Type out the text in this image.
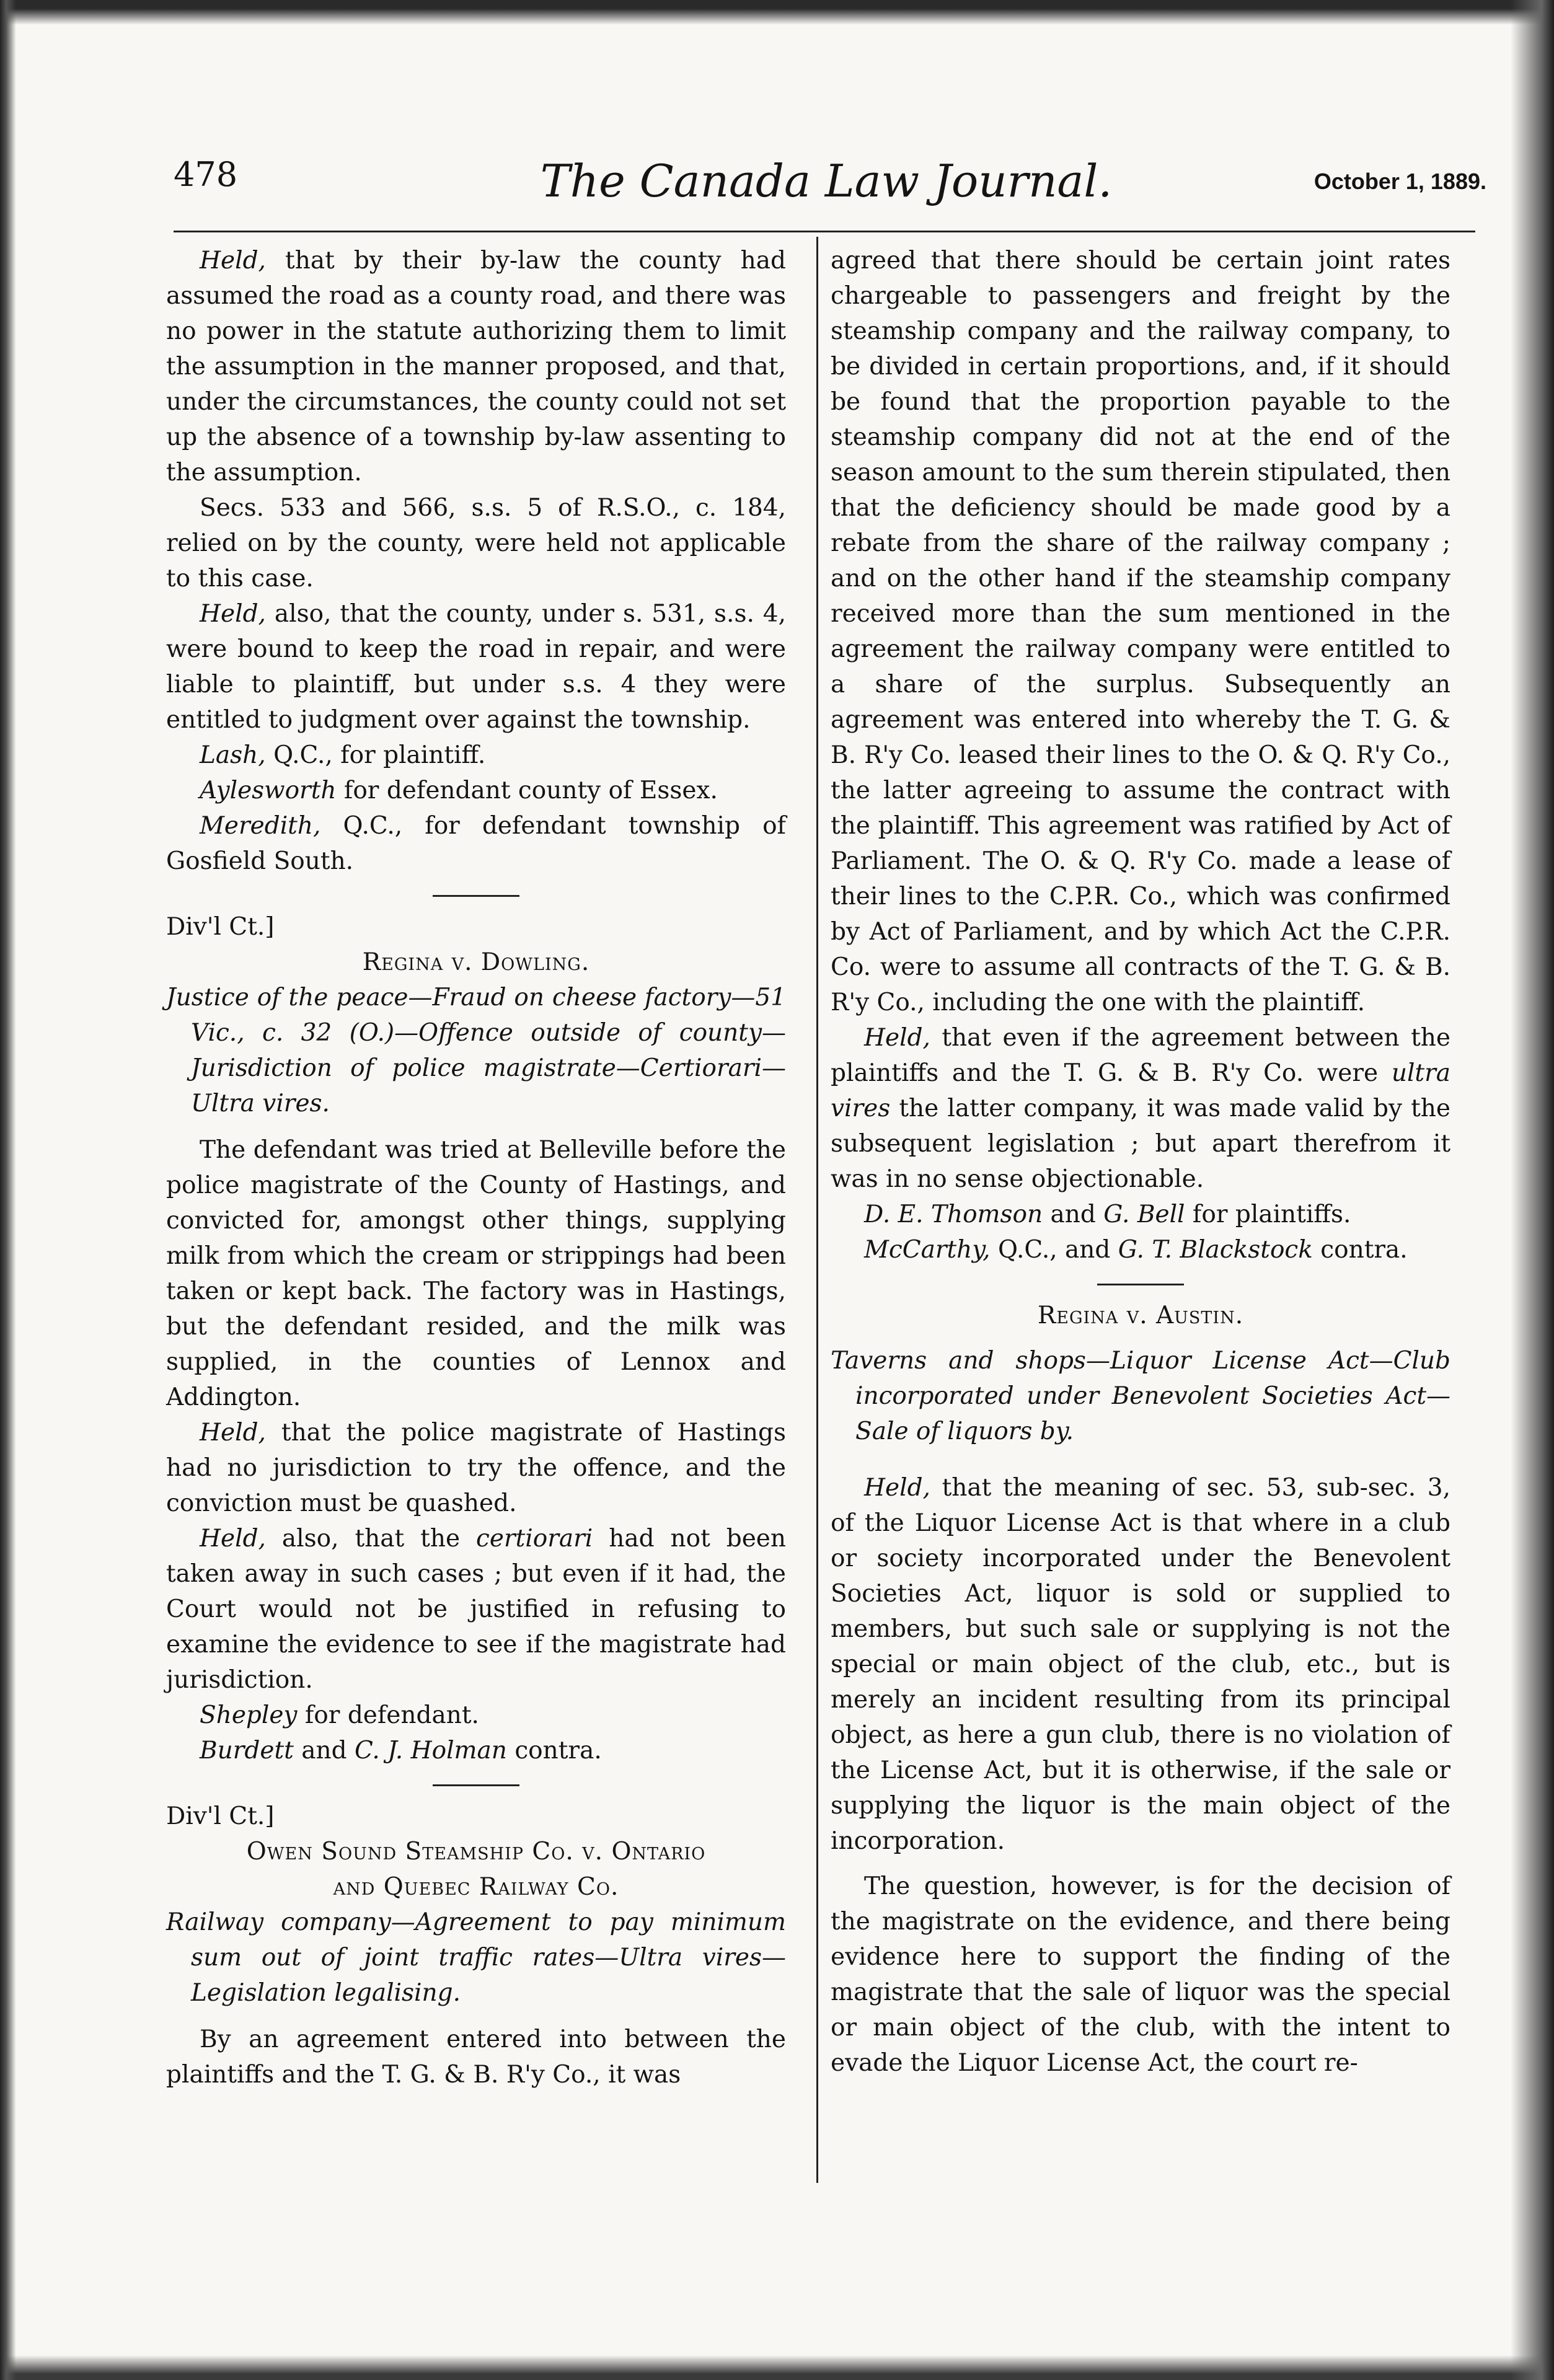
478	The Canada Law Journal.	October 1, 1889.

Held, that by their by-law the county had assumed the road as a county road, and there was no power in the statute authorizing them to limit the assumption in the manner proposed, and that, under the circumstances, the county could not set up the absence of a township by-law assenting to the assumption.

Secs. 533 and 566, s.s. 5 of R.S.O., c. 184, relied on by the county, were held not applicable to this case.

Held, also, that the county, under s. 531, s.s. 4, were bound to keep the road in repair, and were liable to plaintiff, but under s.s. 4 they were entitled to judgment over against the township.

Lash, Q.C., for plaintiff.

Aylesworth for defendant county of Essex.

Meredith, Q.C., for defendant township of Gosfield South.

Div'l Ct.]

Regina v. Dowling.

Justice of the peace—Fraud on cheese factory—51 Vic., c. 32 (O.)—Offence outside of county—Jurisdiction of police magistrate—Certiorari—Ultra vires.

The defendant was tried at Belleville before the police magistrate of the County of Hastings, and convicted for, amongst other things, supplying milk from which the cream or strippings had been taken or kept back. The factory was in Hastings, but the defendant resided, and the milk was supplied, in the counties of Lennox and Addington.

Held, that the police magistrate of Hastings had no jurisdiction to try the offence, and the conviction must be quashed.

Held, also, that the certiorari had not been taken away in such cases ; but even if it had, the Court would not be justified in refusing to examine the evidence to see if the magistrate had jurisdiction.

Shepley for defendant.

Burdett and C. J. Holman contra.

Div'l Ct.]

Owen Sound Steamship Co. v. Ontario

and Quebec Railway Co.

Railway company—Agreement to pay minimum sum out of joint traffic rates—Ultra vires—Legislation legalising.

By an agreement entered into between the plaintiffs and the T. G. & B. R'y Co., it was

agreed that there should be certain joint rates chargeable to passengers and freight by the steamship company and the railway company, to be divided in certain proportions, and, if it should be found that the proportion payable to the steamship company did not at the end of the season amount to the sum therein stipulated, then that the deficiency should be made good by a rebate from the share of the railway company ; and on the other hand if the steamship company received more than the sum mentioned in the agreement the railway company were entitled to a share of the surplus. Subsequently an agreement was entered into whereby the T. G. & B. R'y Co. leased their lines to the O. & Q. R'y Co., the latter agreeing to assume the contract with the plaintiff. This agreement was ratified by Act of Parliament. The O. & Q. R'y Co. made a lease of their lines to the C.P.R. Co., which was confirmed by Act of Parliament, and by which Act the C.P.R. Co. were to assume all contracts of the T. G. & B. R'y Co., including the one with the plaintiff.

Held, that even if the agreement between the plaintiffs and the T. G. & B. R'y Co. were ultra vires the latter company, it was made valid by the subsequent legislation ; but apart therefrom it was in no sense objectionable.

D. E. Thomson and G. Bell for plaintiffs.

McCarthy, Q.C., and G. T. Blackstock contra.

Regina v. Austin.

Taverns and shops—Liquor License Act—Club incorporated under Benevolent Societies Act—Sale of liquors by.

Held, that the meaning of sec. 53, sub-sec. 3, of the Liquor License Act is that where in a club or society incorporated under the Benevolent Societies Act, liquor is sold or supplied to members, but such sale or supplying is not the special or main object of the club, etc., but is merely an incident resulting from its principal object, as here a gun club, there is no violation of the License Act, but it is otherwise, if the sale or supplying the liquor is the main object of the incorporation.

The question, however, is for the decision of the magistrate on the evidence, and there being evidence here to support the finding of the magistrate that the sale of liquor was the special or main object of the club, with the intent to evade the Liquor License Act, the court re-
